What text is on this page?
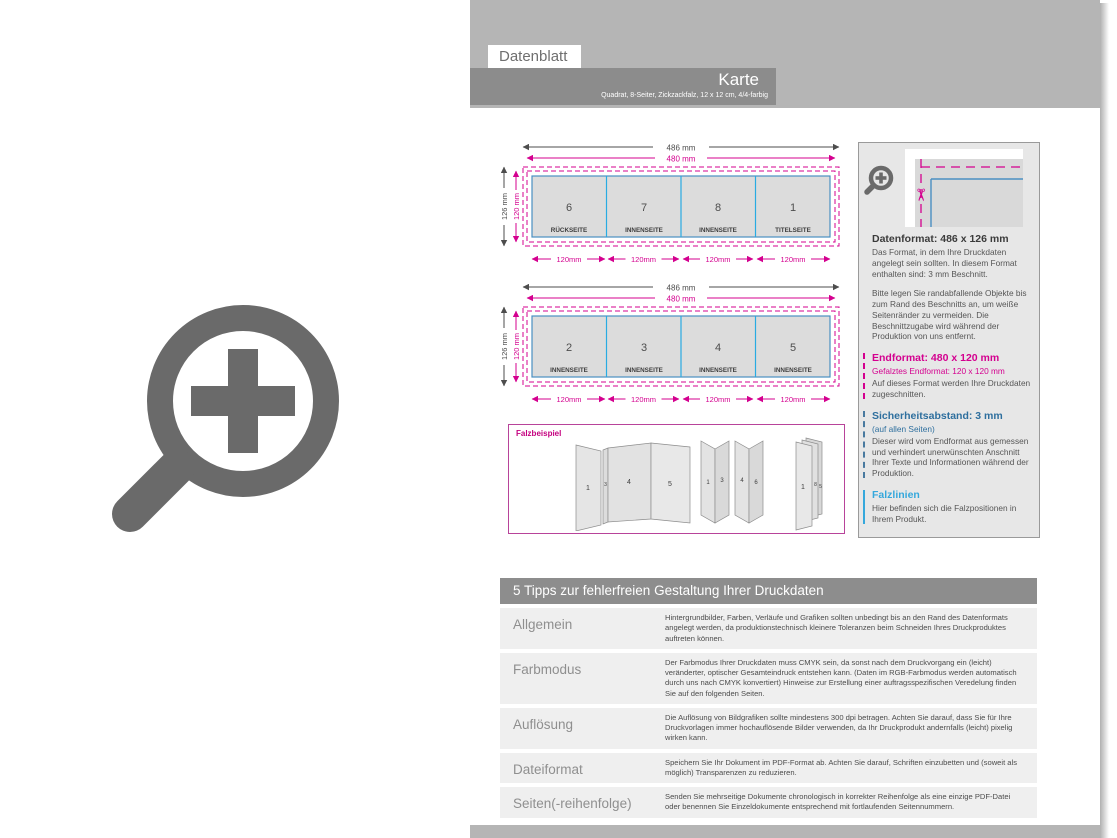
Datenblatt
Karte
Quadrat, 8-Seiter, Zickzackfalz, 12 x 12 cm, 4/4-farbig
486 mm
480 mm
126 mm 120 mm	6	7	8	1
RÜCKSEITE	INNENSEITE	INNENSEITE	TITELSEITE
120mm	120mm	120mm	120mm
486 mm
480 mm
126 mm 120 mm	2	3	4	5
INNENSEITE	INNENSEITE	INNENSEITE	INNENSEITE
120mm	120mm	120mm	120mm
Falzbeispiel
1	3	4	5	1 3	4 6
1 8 5
✂
Datenformat: 486 x 126 mm

Das Format, in dem Ihre Druckdaten angelegt sein sollten. In diesem Format enthalten sind: 3 mm Beschnitt.

Bitte legen Sie randabfallende Objekte bis zum Rand des Beschnitts an, um weiße Seitenränder zu vermeiden. Die Beschnittzugabe wird während der Produktion von uns entfernt.

Endformat: 480 x 120 mm
Gefalztes Endformat: 120 x 120 mm

Auf dieses Format werden Ihre Druckdaten zugeschnitten.

Sicherheitsabstand: 3 mm
(auf allen Seiten)

Dieser wird vom Endformat aus gemessen und verhindert unerwünschten Anschnitt Ihrer Texte und Informationen während der Produktion.

Falzlinien

Hier befinden sich die Falzpositionen in Ihrem Produkt.

5 Tipps zur fehlerfreien Gestaltung Ihrer Druckdaten
Allgemein	Hintergrundbilder, Farben, Verläufe und Grafiken sollten unbedingt bis an den Rand des Datenformats angelegt werden, da produktionstechnisch kleinere Toleranzen beim Schneiden Ihres Druckproduktes auftreten können.
Farbmodus	Der Farbmodus Ihrer Druckdaten muss CMYK sein, da sonst nach dem Druckvorgang ein (leicht) veränderter, optischer Gesamteindruck entstehen kann. (Daten im RGB-Farbmodus werden automatisch durch uns nach CMYK konvertiert) Hinweise zur Erstellung einer auftragsspezifischen Veredelung finden Sie auf den folgenden Seiten.
Auflösung	Die Auflösung von Bildgrafiken sollte mindestens 300 dpi betragen. Achten Sie darauf, dass Sie für Ihre Druckvorlagen immer hochauflösende Bilder verwenden, da Ihr Druckprodukt andernfalls (leicht) pixelig wirken kann.
Dateiformat	Speichern Sie Ihr Dokument im PDF-Format ab. Achten Sie darauf, Schriften einzubetten und (soweit als möglich) Transparenzen zu reduzieren.
Seiten(-reihenfolge)	Senden Sie mehrseitige Dokumente chronologisch in korrekter Reihenfolge als eine einzige PDF-Datei oder benennen Sie Einzeldokumente entsprechend mit fortlaufenden Seitennummern.
